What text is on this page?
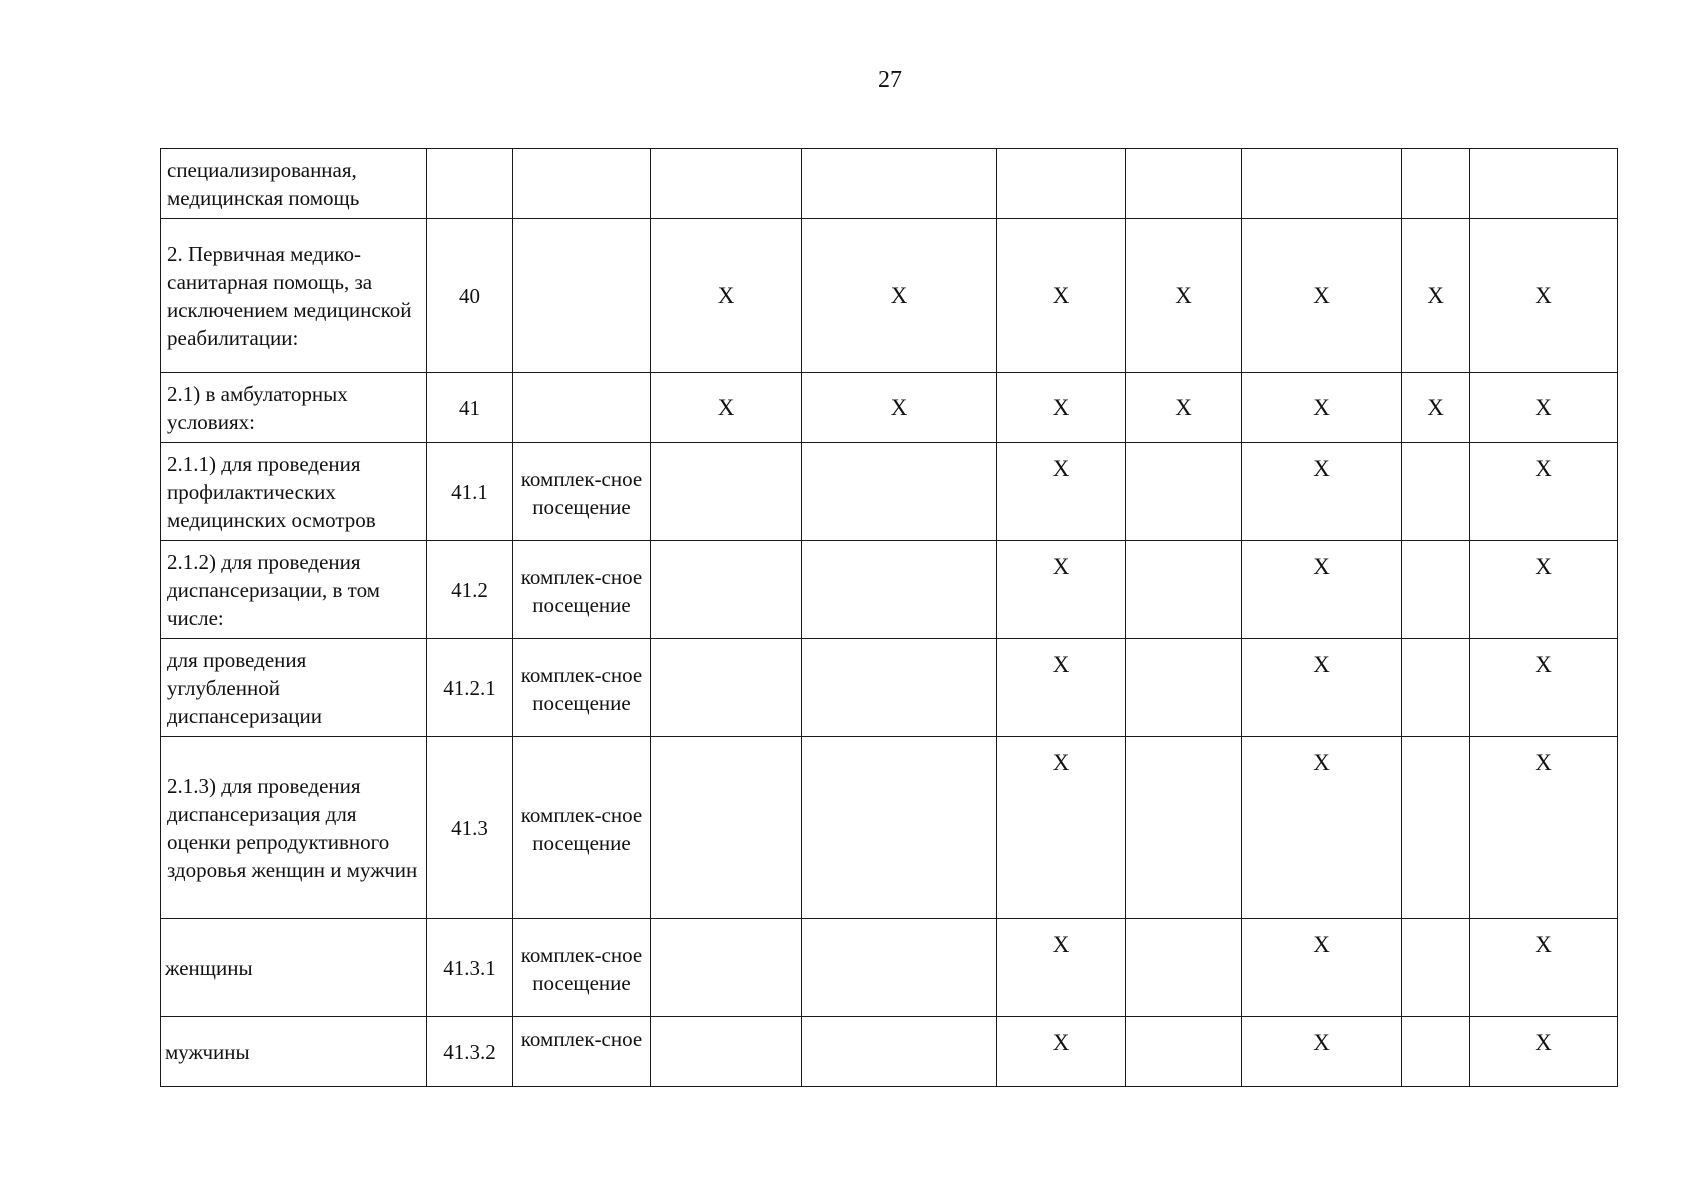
27
специализированная, медицинская помощь									
2. Первичная медико-санитарная помощь, за исключением медицинской реабилитации:	40		X	X	X	X	X	X	X
2.1) в амбулаторных условиях:	41		X	X	X	X	X	X	X
2.1.1) для проведения профилактических медицинских осмотров	41.1	комплек-сное посещение			X		X		X
2.1.2) для проведения диспансеризации, в том числе:	41.2	комплек-сное посещение			X		X		X
для проведения углубленной диспансеризации	41.2.1	комплек-сное посещение			X		X		X
2.1.3) для проведения диспансеризация для оценки репродуктивного здоровья женщин и мужчин	41.3	комплек-сное посещение			X		X		X
женщины	41.3.1	комплек-сное посещение			X		X		X
мужчины	41.3.2	комплек-сное			X		X		X
